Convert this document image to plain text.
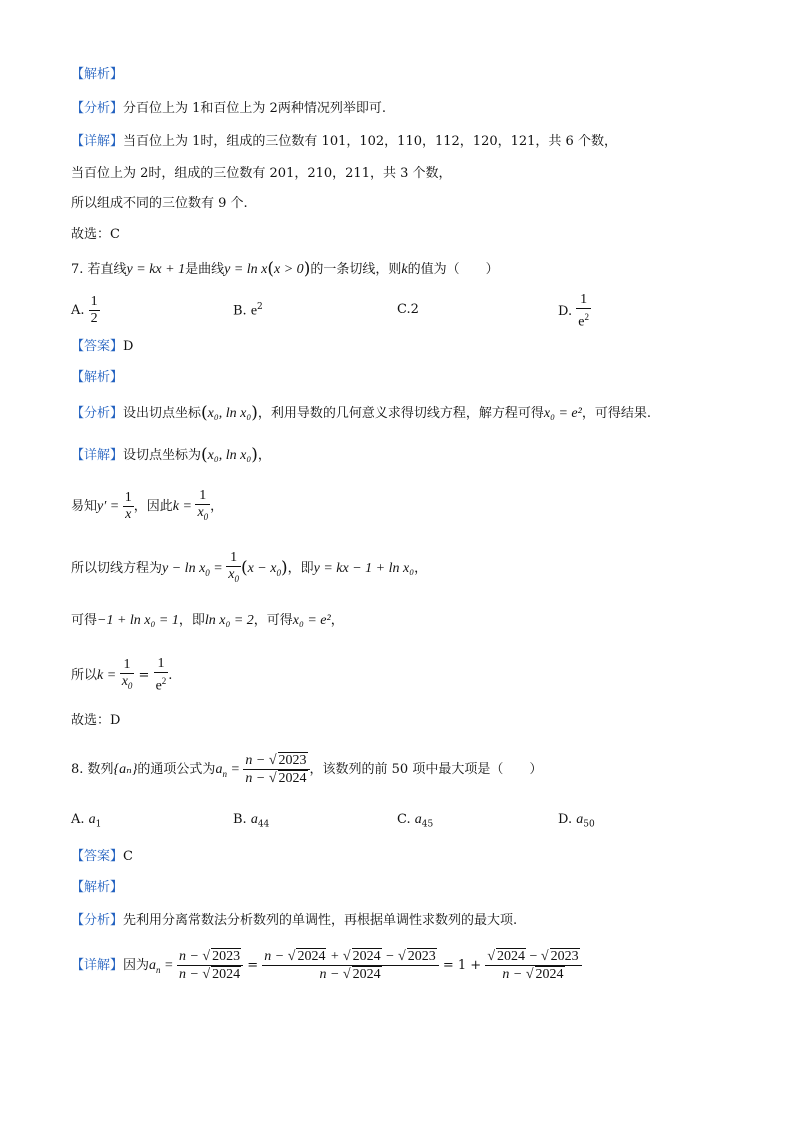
【解析】
【分析】分百位上为 1和百位上为 2两种情况列举即可.
【详解】当百位上为 1时，组成的三位数有 101，102，110，112，120，121，共 6 个数，
当百位上为 2时，组成的三位数有 201，210，211，共 3 个数，
所以组成不同的三位数有 9 个.
故选：C
7. 若直线y = kx + 1是曲线y = ln x(x > 0)的一条切线，则k的值为（　　）
A. $\frac{1}{2}$	B. $e^2$	C.2	D. $\frac{1}{e^2}$
【答案】D
【解析】
【分析】设出切点坐标(x₀, ln x₀)，利用导数的几何意义求得切线方程，解方程可得x₀ = e²，可得结果.
【详解】设切点坐标为(x₀, ln x₀)，
易知$y' = \frac{1}{x}$ ，因此$k = \frac{1}{x_0}$ ，
所以切线方程为$y - \ln x_0 = \frac{1}{x_0} (x - x_0)$，即y = kx − 1 + ln x₀，
可得−1 + ln x₀ = 1，即ln x₀ = 2，可得x₀ = e²，
所以$k = \frac{1}{x_0} = \frac{1}{e^2}$ .
故选：D
8. 数列{aₙ}的通项公式为$a_n = \frac{n - √ 2023}{n - √ 2024}$ ，该数列的前 50 项中最大项是（　　）
A. $a_1$	B. $a_{44}$	C. $a_{45}$	D. $a_{50}$
【答案】C
【解析】
【分析】先利用分离常数法分析数列的单调性，再根据单调性求数列的最大项.
【详解】因为$a_n = \frac{n - √ 2023}{n - √ 2024} = \frac{n - √ 2024 + √ 2024 - √ 2023}{n - √ 2024} = 1 + \frac{√ 2024 - √ 2023}{n - √ 2024}$
